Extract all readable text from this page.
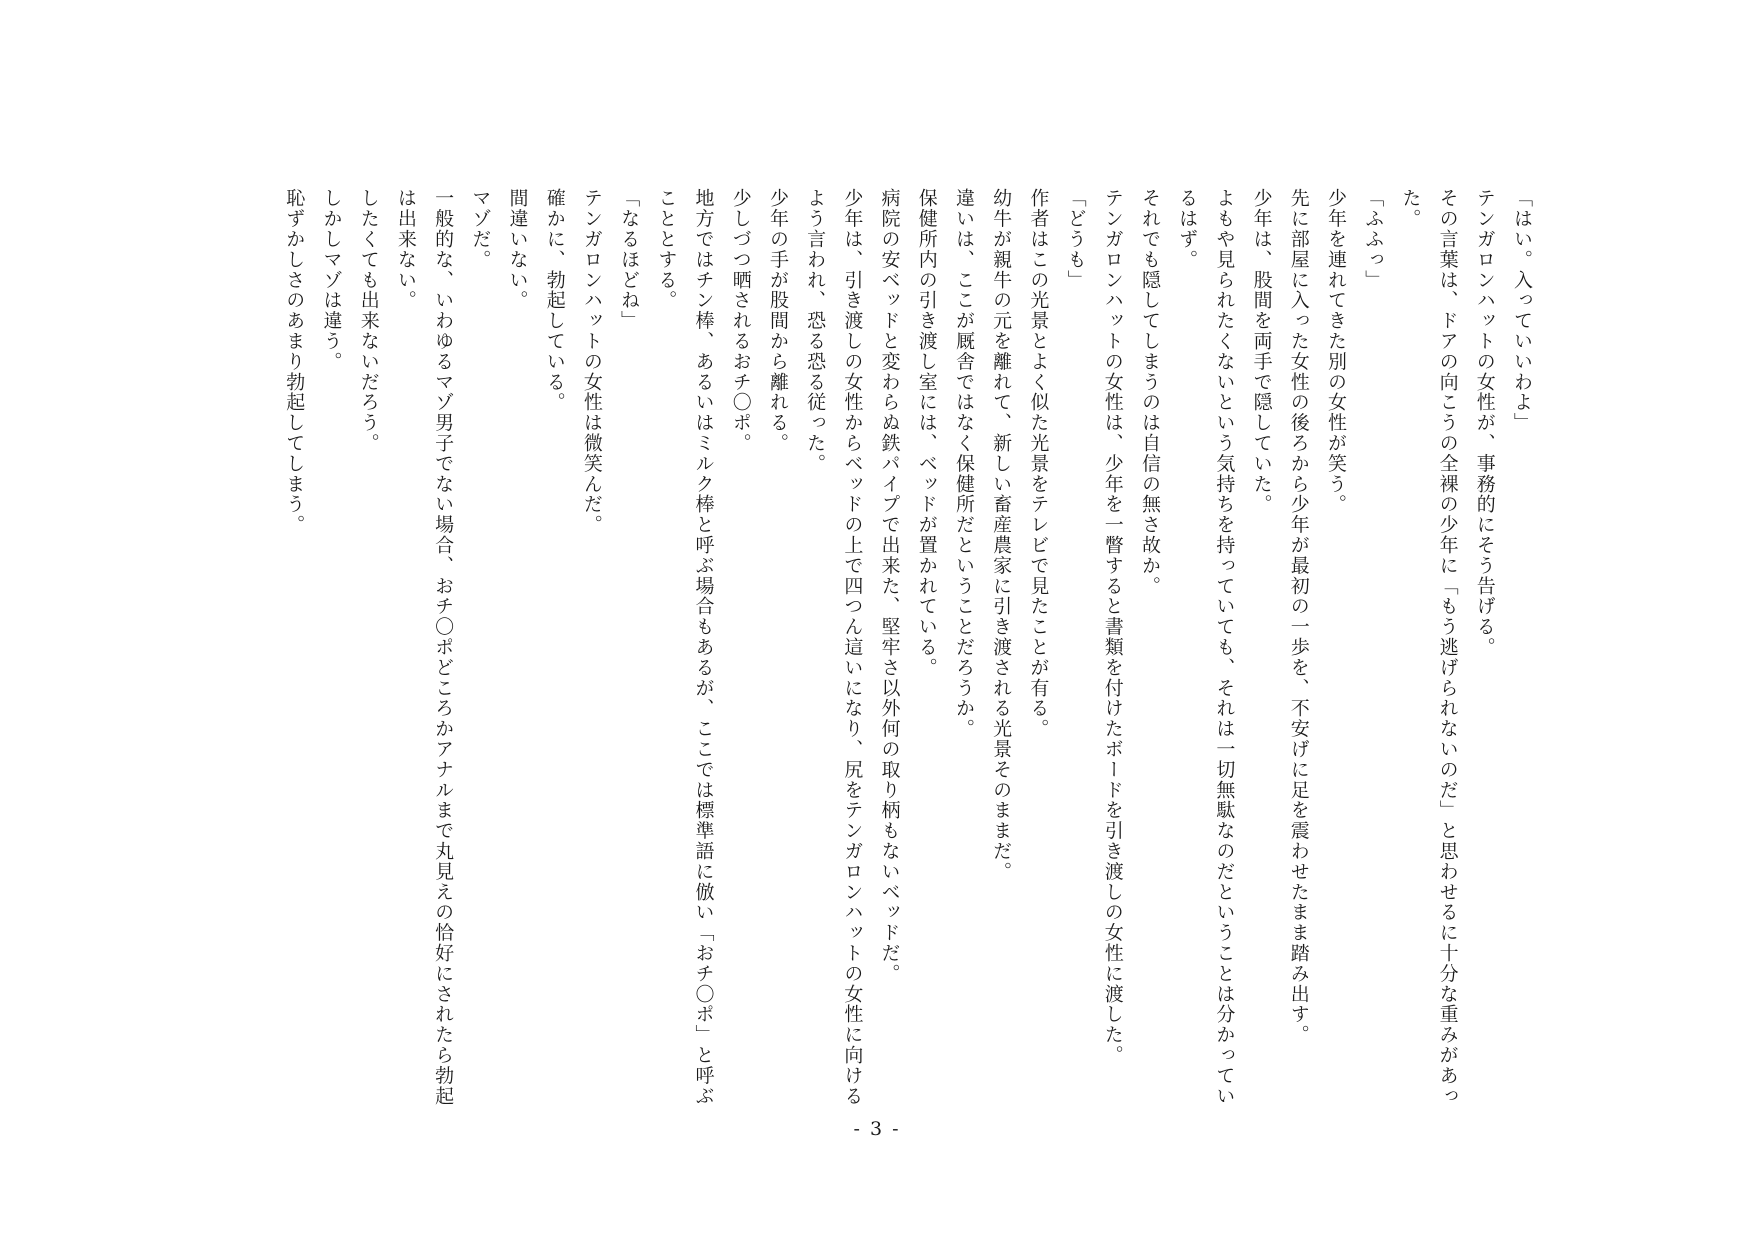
「はい。入っていいわよ」

テンガロンハットの女性が、事務的にそう告げる。

その言葉は、ドアの向こうの全裸の少年に「もう逃げられないのだ」と思わせるに十分な重みがあった。

「ふふっ」

少年を連れてきた別の女性が笑う。

先に部屋に入った女性の後ろから少年が最初の一歩を、不安げに足を震わせたまま踏み出す。

少年は、股間を両手で隠していた。

よもや見られたくないという気持ちを持っていても、それは一切無駄なのだということは分かっているはず。

それでも隠してしまうのは自信の無さ故か。

テンガロンハットの女性は、少年を一瞥すると書類を付けたボードを引き渡しの女性に渡した。

「どうも」

作者はこの光景とよく似た光景をテレビで見たことが有る。

幼牛が親牛の元を離れて、新しい畜産農家に引き渡される光景そのままだ。

違いは、ここが厩舎ではなく保健所だということだろうか。

保健所内の引き渡し室には、ベッドが置かれている。

病院の安ベッドと変わらぬ鉄パイプで出来た、堅牢さ以外何の取り柄もないベッドだ。

少年は、引き渡しの女性からベッドの上で四つん這いになり、尻をテンガロンハットの女性に向けるよう言われ、恐る恐る従った。

少年の手が股間から離れる。

少しづつ晒されるおチ〇ポ。

地方ではチン棒、あるいはミルク棒と呼ぶ場合もあるが、ここでは標準語に倣い「おチ〇ポ」と呼ぶこととする。

「なるほどね」

テンガロンハットの女性は微笑んだ。

確かに、勃起している。

間違いない。

マゾだ。

一般的な、いわゆるマゾ男子でない場合、おチ〇ポどころかアナルまで丸見えの恰好にされたら勃起は出来ない。

したくても出来ないだろう。

しかしマゾは違う。

恥ずかしさのあまり勃起してしまう。

- 3 -
